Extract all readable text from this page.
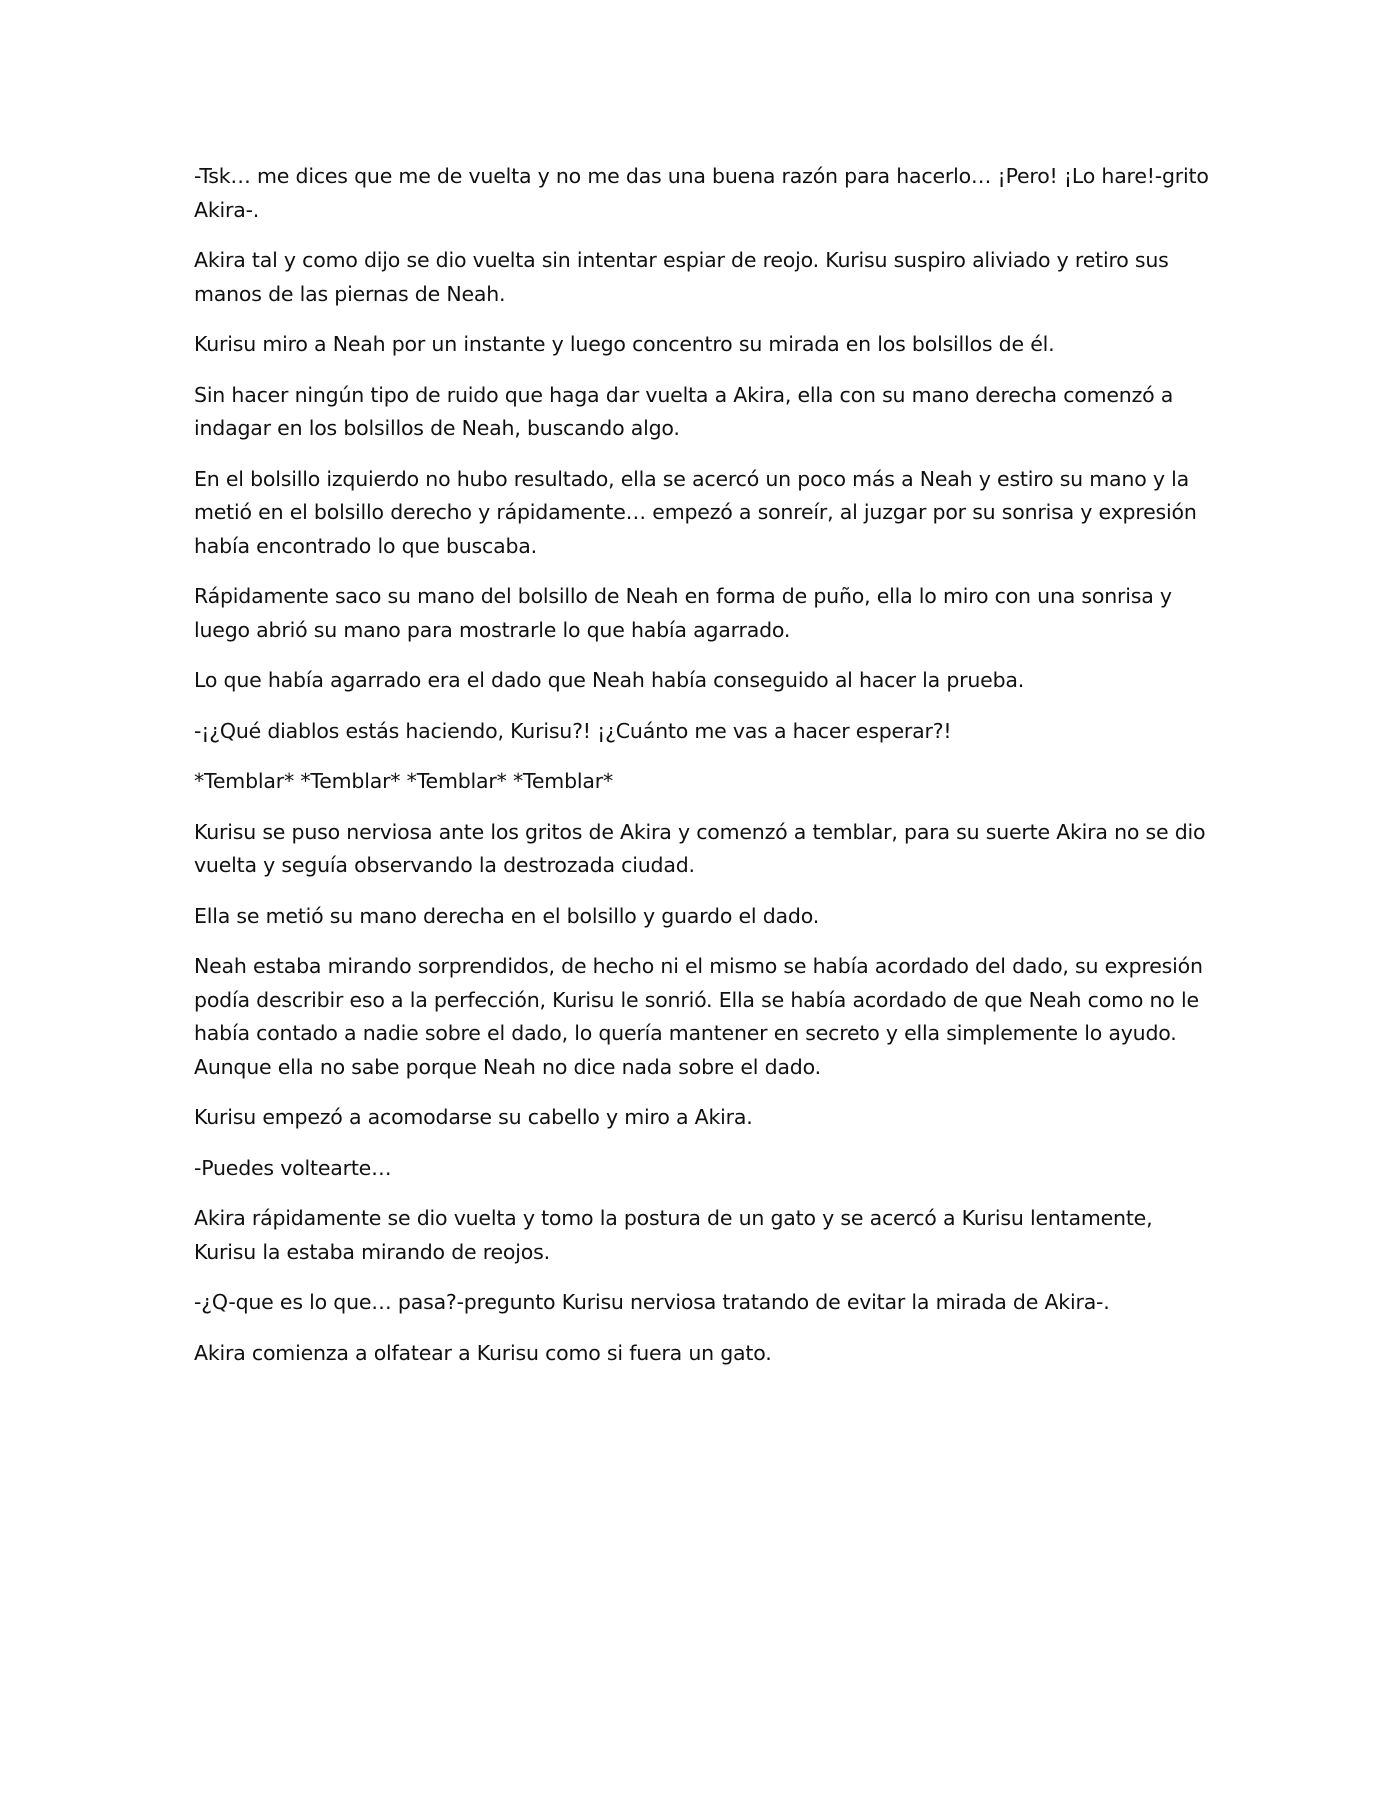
-Tsk… me dices que me de vuelta y no me das una buena razón para hacerlo… ¡Pero! ¡Lo hare!-grito Akira-.

Akira tal y como dijo se dio vuelta sin intentar espiar de reojo. Kurisu suspiro aliviado y retiro sus manos de las piernas de Neah.

Kurisu miro a Neah por un instante y luego concentro su mirada en los bolsillos de él.

Sin hacer ningún tipo de ruido que haga dar vuelta a Akira, ella con su mano derecha comenzó a indagar en los bolsillos de Neah, buscando algo.

En el bolsillo izquierdo no hubo resultado, ella se acercó un poco más a Neah y estiro su mano y la metió en el bolsillo derecho y rápidamente… empezó a sonreír, al juzgar por su sonrisa y expresión había encontrado lo que buscaba.

Rápidamente saco su mano del bolsillo de Neah en forma de puño, ella lo miro con una sonrisa y luego abrió su mano para mostrarle lo que había agarrado.

Lo que había agarrado era el dado que Neah había conseguido al hacer la prueba.

-¡¿Qué diablos estás haciendo, Kurisu?! ¡¿Cuánto me vas a hacer esperar?!

*Temblar* *Temblar* *Temblar* *Temblar*

Kurisu se puso nerviosa ante los gritos de Akira y comenzó a temblar, para su suerte Akira no se dio vuelta y seguía observando la destrozada ciudad.

Ella se metió su mano derecha en el bolsillo y guardo el dado.

Neah estaba mirando sorprendidos, de hecho ni el mismo se había acordado del dado, su expresión podía describir eso a la perfección, Kurisu le sonrió. Ella se había acordado de que Neah como no le había contado a nadie sobre el dado, lo quería mantener en secreto y ella simplemente lo ayudo. Aunque ella no sabe porque Neah no dice nada sobre el dado.

Kurisu empezó a acomodarse su cabello y miro a Akira.

-Puedes voltearte…

Akira rápidamente se dio vuelta y tomo la postura de un gato y se acercó a Kurisu lentamente, Kurisu la estaba mirando de reojos.

-¿Q-que es lo que… pasa?-pregunto Kurisu nerviosa tratando de evitar la mirada de Akira-.

Akira comienza a olfatear a Kurisu como si fuera un gato.
